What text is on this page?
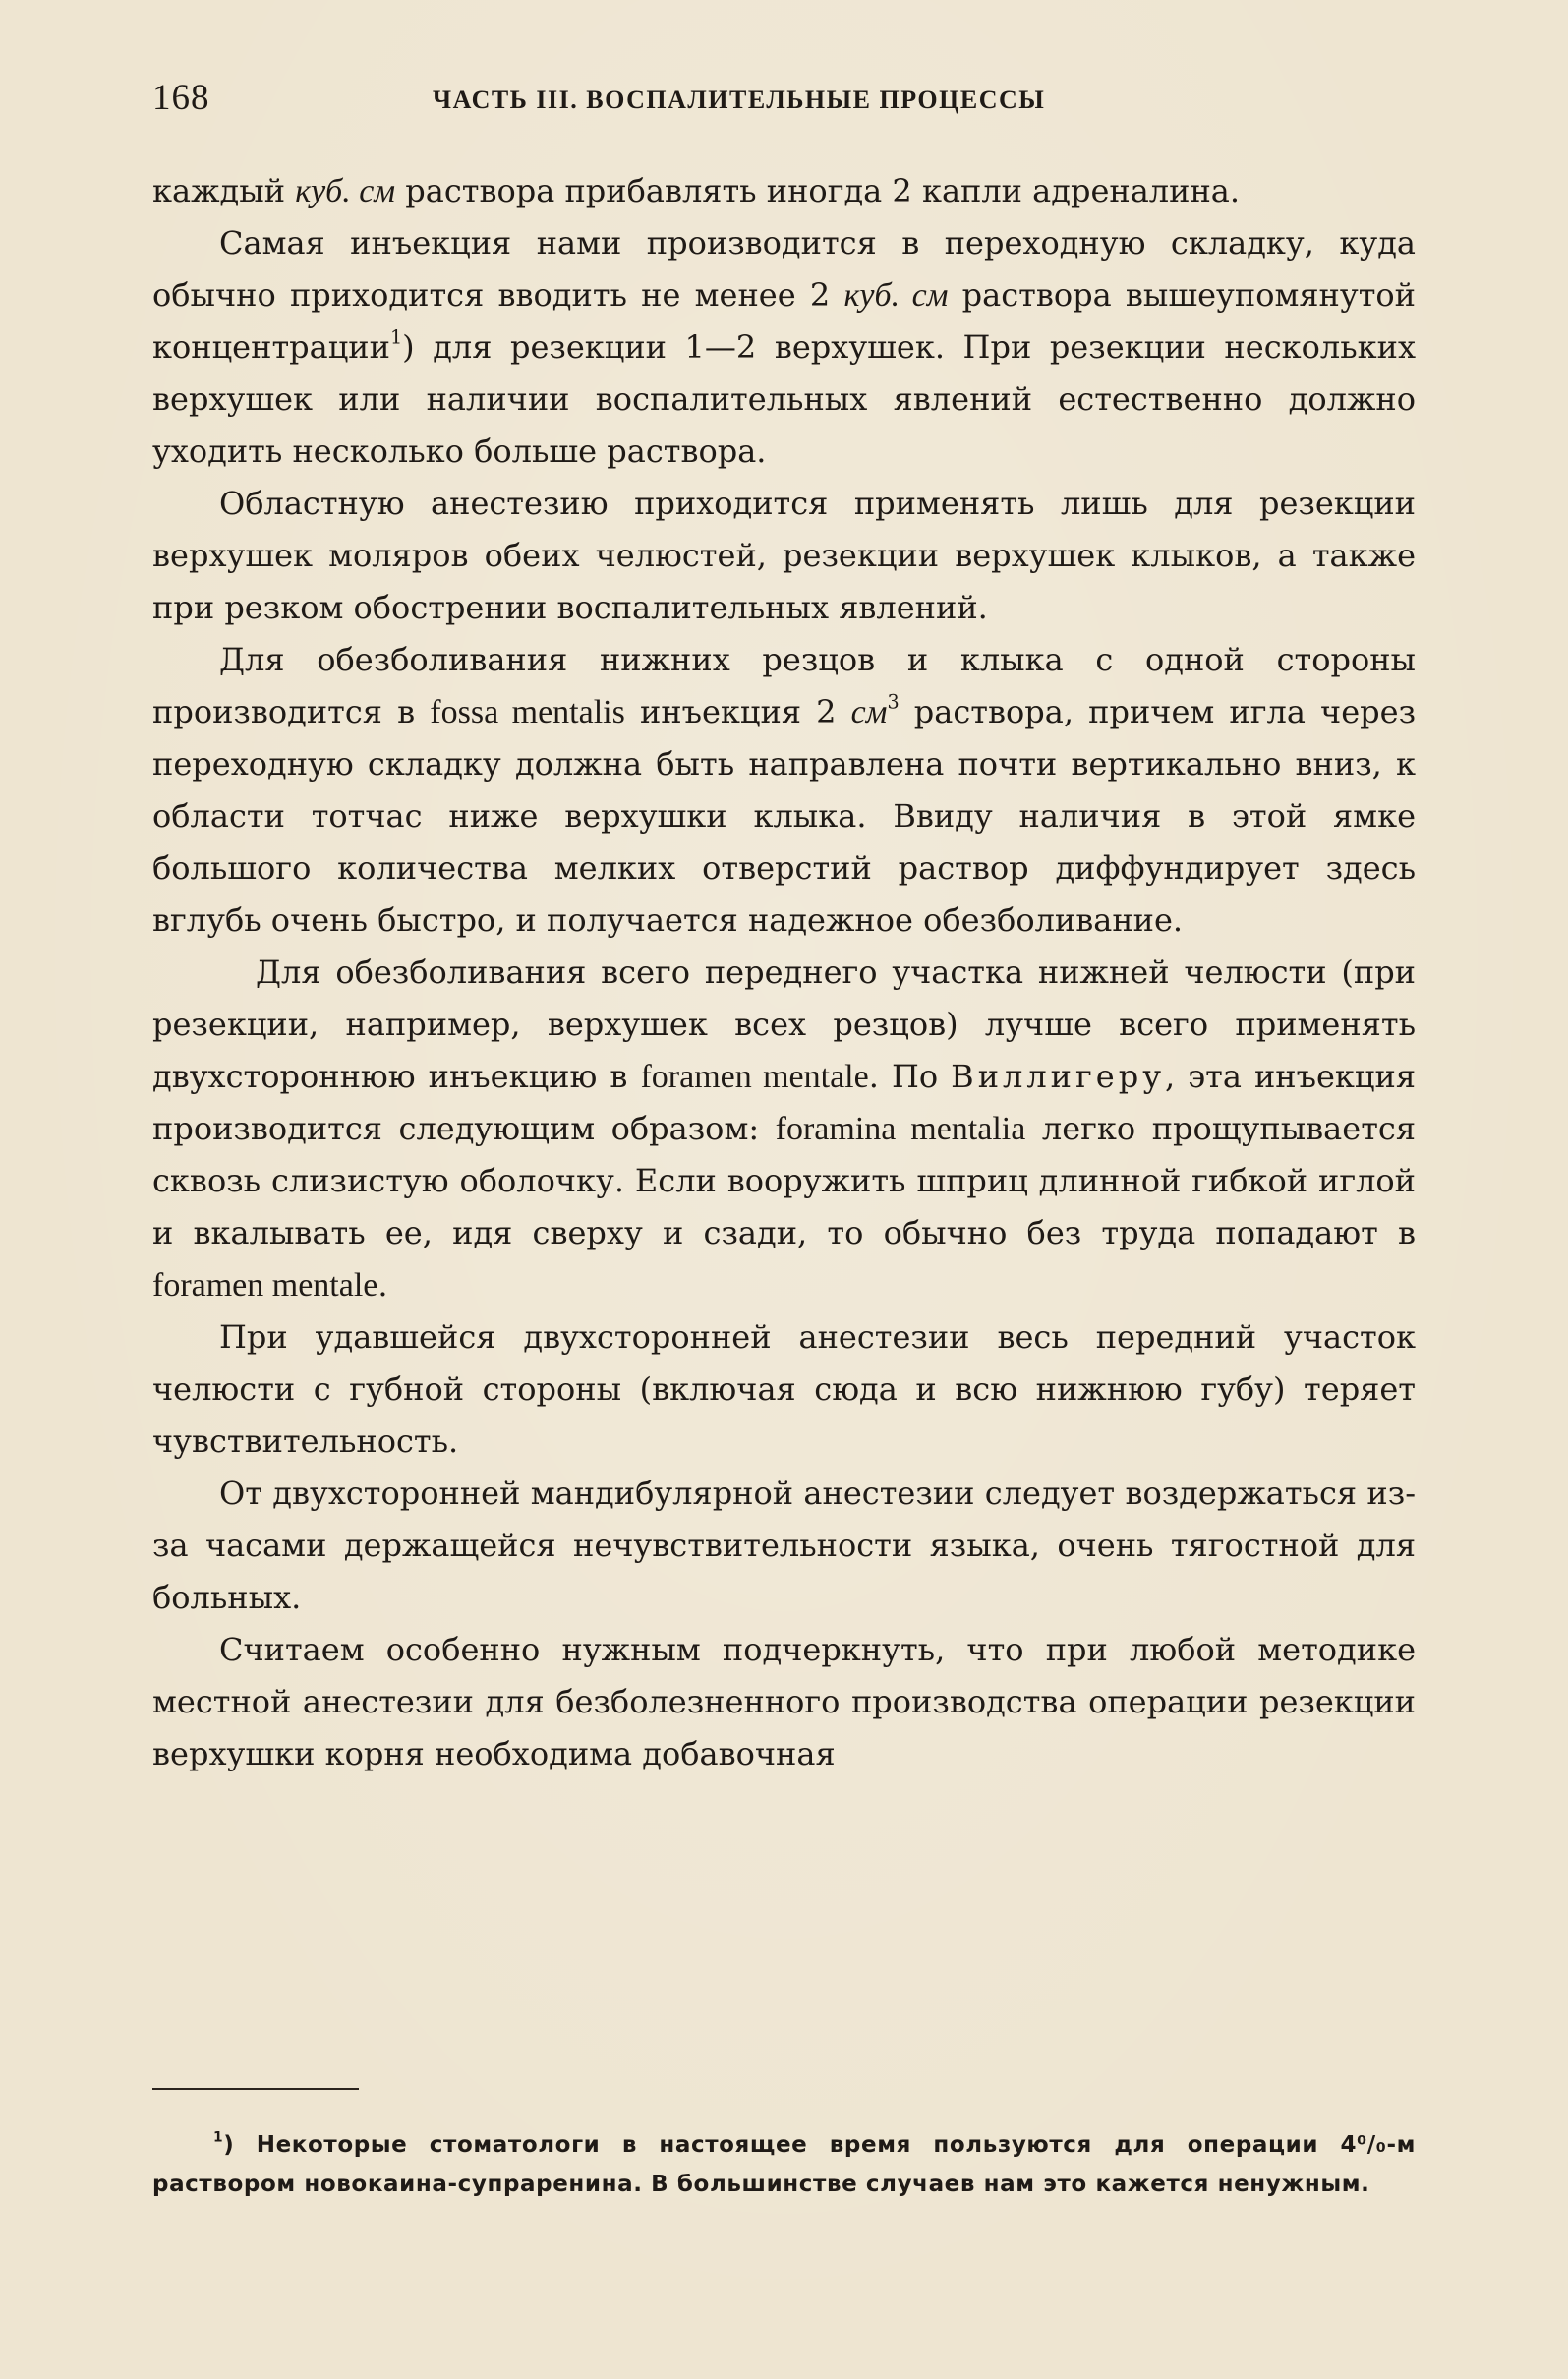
168	ЧАСТЬ III. ВОСПАЛИТЕЛЬНЫЕ ПРОЦЕССЫ

каждый куб. см раствора прибавлять иногда 2 капли адреналина.

Самая инъекция нами производится в переходную складку, куда обычно приходится вводить не менее 2 куб. см раствора вышеупомянутой концентрации$^1$) для резекции 1—2 верхушек. При резекции нескольких верхушек или наличии воспалительных явлений естественно должно уходить несколько больше раствора.

Областную анестезию приходится применять лишь для резекции верхушек моляров обеих челюстей, резекции верхушек клыков, а также при резком обострении воспалительных явлений.

Для обезболивания нижних резцов и клыка с одной стороны производится в fossa mentalis инъекция 2 $см^3$ раствора, причем игла через переходную складку должна быть направлена почти вертикально вниз, к области тотчас ниже верхушки клыка. Ввиду наличия в этой ямке большого количества мелких отверстий раствор диффундирует здесь вглубь очень быстро, и получается надежное обезболивание.

Для обезболивания всего переднего участка нижней челюсти (при резекции, например, верхушек всех резцов) лучше всего применять двухстороннюю инъекцию в foramen mentale. По Виллигеру, эта инъекция производится следующим образом: foramina mentalia легко прощупывается сквозь слизистую оболочку. Если вооружить шприц длинной гибкой иглой и вкалывать ее, идя сверху и сзади, то обычно без труда попадают в foramen mentale.

При удавшейся двухсторонней анестезии весь передний участок челюсти с губной стороны (включая сюда и всю нижнюю губу) теряет чувствительность.

От двухсторонней мандибулярной анестезии следует воздержаться из-за часами держащейся нечувствительности языка, очень тягостной для больных.

Считаем особенно нужным подчеркнуть, что при любой методике местной анестезии для безболезненного производства операции резекции верхушки корня необходима добавочная

$^1$) Некоторые стоматологи в настоящее время пользуются для операции 4⁰/₀-м раствором новокаина-супраренина. В большинстве случаев нам это кажется ненужным.
